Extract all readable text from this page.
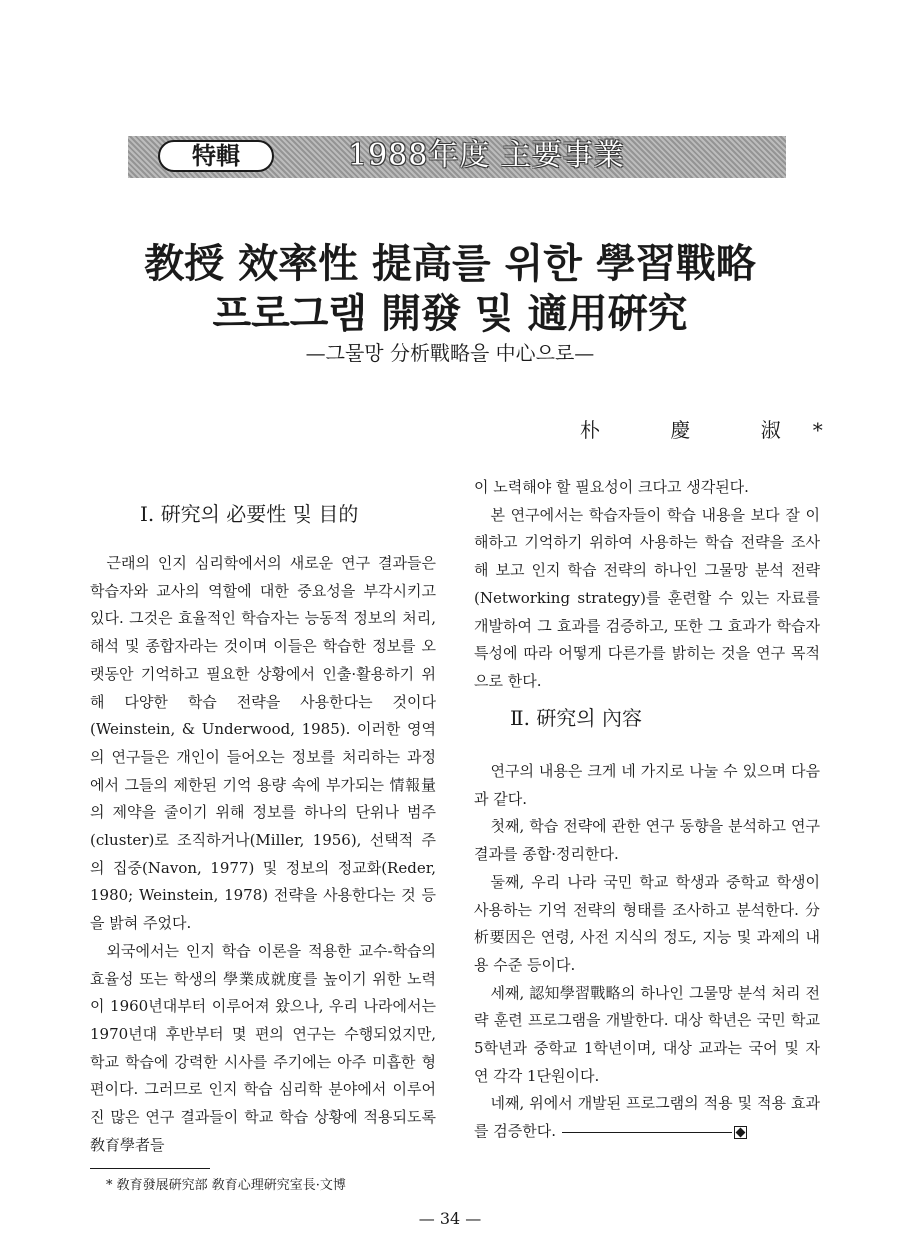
特輯	1988年度 主要事業
教授 效率性 提高를 위한 學習戰略
프로그램 開發 및 適用硏究
—그물망 分析戰略을 中心으로—
朴 慶 淑*
Ⅰ. 硏究의 必要性 및 目的

근래의 인지 심리학에서의 새로운 연구 결과들은 학습자와 교사의 역할에 대한 중요성을 부각시키고 있다. 그것은 효율적인 학습자는 능동적 정보의 처리, 해석 및 종합자라는 것이며 이들은 학습한 정보를 오랫동안 기억하고 필요한 상황에서 인출·활용하기 위해 다양한 학습 전략을 사용한다는 것이다(Weinstein, & Underwood, 1985). 이러한 영역의 연구들은 개인이 들어오는 정보를 처리하는 과정에서 그들의 제한된 기억 용량 속에 부가되는 情報量의 제약을 줄이기 위해 정보를 하나의 단위나 범주(cluster)로 조직하거나(Miller, 1956), 선택적 주의 집중(Navon, 1977) 및 정보의 정교화(Reder, 1980; Weinstein, 1978) 전략을 사용한다는 것 등을 밝혀 주었다.

외국에서는 인지 학습 이론을 적용한 교수-학습의 효율성 또는 학생의 學業成就度를 높이기 위한 노력이 1960년대부터 이루어져 왔으나, 우리 나라에서는 1970년대 후반부터 몇 편의 연구는 수행되었지만, 학교 학습에 강력한 시사를 주기에는 아주 미흡한 형편이다. 그러므로 인지 학습 심리학 분야에서 이루어진 많은 연구 결과들이 학교 학습 상황에 적용되도록 敎育學者들

이 노력해야 할 필요성이 크다고 생각된다.

본 연구에서는 학습자들이 학습 내용을 보다 잘 이해하고 기억하기 위하여 사용하는 학습 전략을 조사해 보고 인지 학습 전략의 하나인 그물망 분석 전략(Networking strategy)를 훈련할 수 있는 자료를 개발하여 그 효과를 검증하고, 또한 그 효과가 학습자 특성에 따라 어떻게 다른가를 밝히는 것을 연구 목적으로 한다.

Ⅱ. 硏究의 內容

연구의 내용은 크게 네 가지로 나눌 수 있으며 다음과 같다.

첫째, 학습 전략에 관한 연구 동향을 분석하고 연구 결과를 종합·정리한다.

둘째, 우리 나라 국민 학교 학생과 중학교 학생이 사용하는 기억 전략의 형태를 조사하고 분석한다. 分析要因은 연령, 사전 지식의 정도, 지능 및 과제의 내용 수준 등이다.

세째, 認知學習戰略의 하나인 그물망 분석 처리 전략 훈련 프로그램을 개발한다. 대상 학년은 국민 학교 5학년과 중학교 1학년이며, 대상 교과는 국어 및 자연 각각 1단원이다.

네째, 위에서 개발된 프로그램의 적용 및 적용 효과를 검증한다.

* 敎育發展硏究部 敎育心理硏究室長·文博
— 34 —
